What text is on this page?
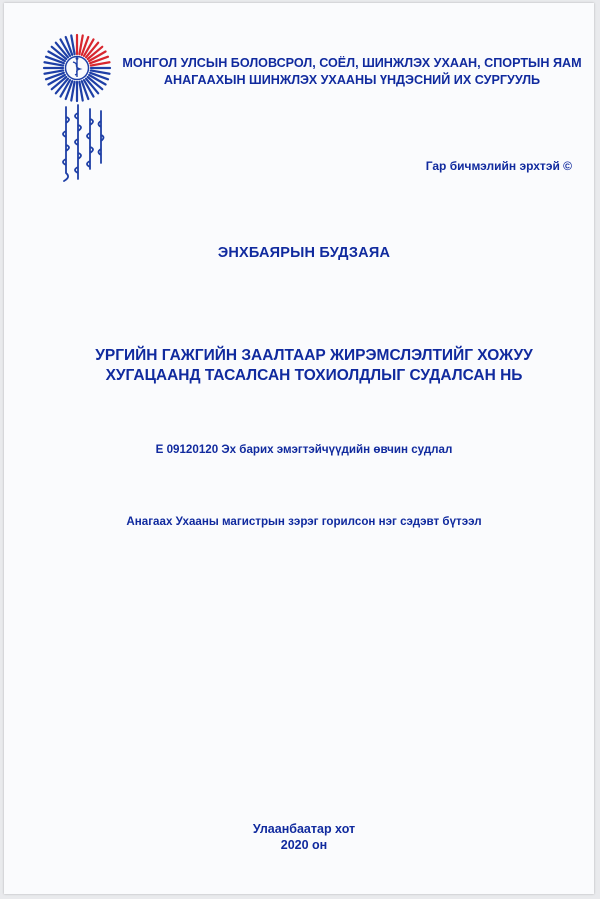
МОНГОЛ УЛСЫН БОЛОВСРОЛ, СОЁЛ, ШИНЖЛЭХ УХААН, СПОРТЫН ЯАМ

АНАГААХЫН ШИНЖЛЭХ УХААНЫ ҮНДЭСНИЙ ИХ СУРГУУЛЬ

Гар бичмэлийн эрхтэй ©

ЭНХБАЯРЫН БУДЗАЯА

УРГИЙН ГАЖГИЙН ЗААЛТААР ЖИРЭМСЛЭЛТИЙГ ХОЖУУ

ХУГАЦААНД ТАСАЛСАН ТОХИОЛДЛЫГ СУДАЛСАН НЬ

E 09120120 Эх барих эмэгтэйчүүдийн өвчин судлал

Анагаах Ухааны магистрын зэрэг горилсон нэг сэдэвт бүтээл

Улаанбаатар хот

2020 он
